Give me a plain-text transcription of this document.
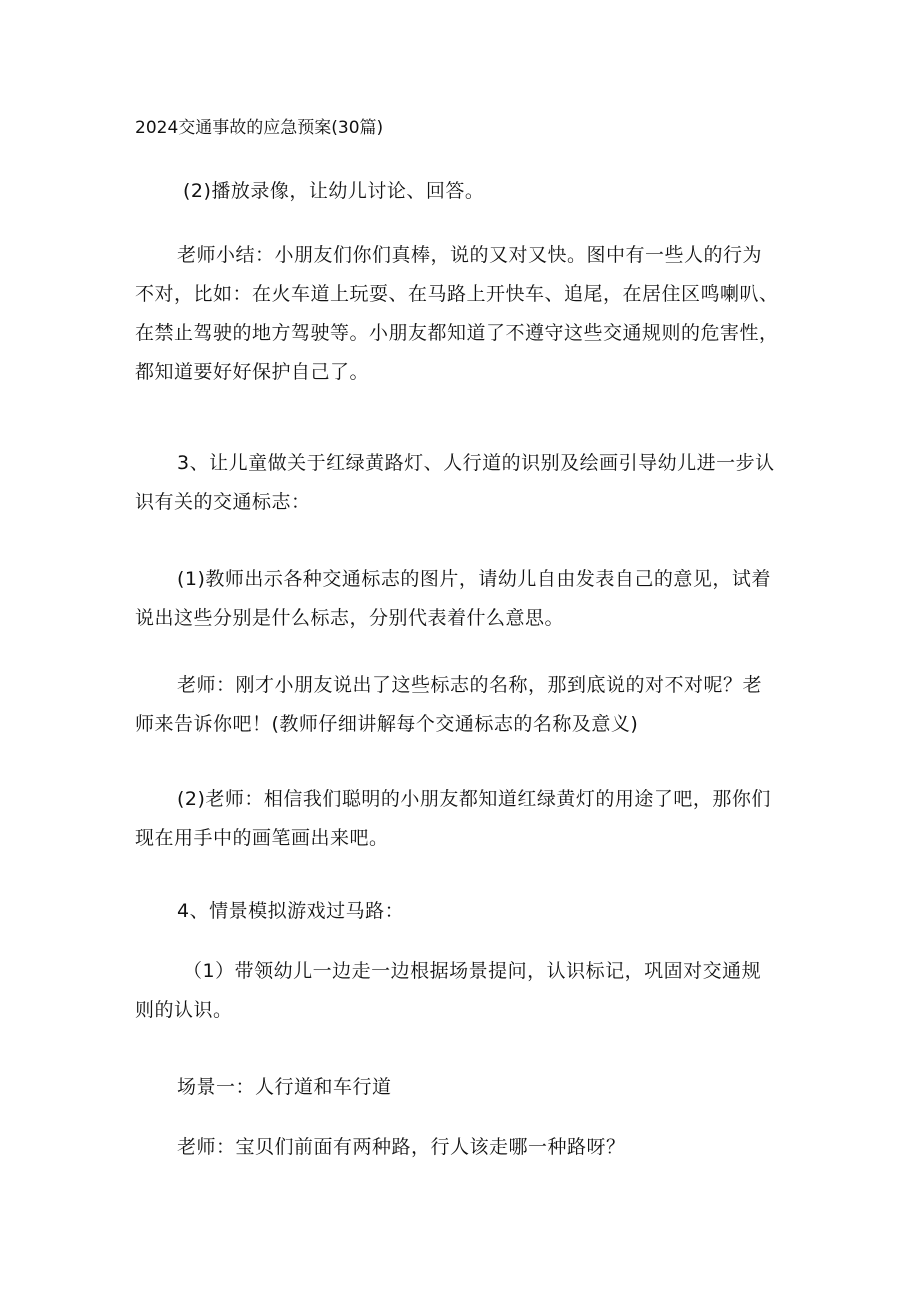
2024交通事故的应急预案(30篇)

(2)播放录像，让幼儿讨论、回答。

老师小结：小朋友们你们真棒，说的又对又快。图中有一些人的行为不对，比如：在火车道上玩耍、在马路上开快车、追尾，在居住区鸣喇叭、在禁止驾驶的地方驾驶等。小朋友都知道了不遵守这些交通规则的危害性，都知道要好好保护自己了。

3、让儿童做关于红绿黄路灯、人行道的识别及绘画引导幼儿进一步认识有关的交通标志：

(1)教师出示各种交通标志的图片，请幼儿自由发表自己的意见，试着说出这些分别是什么标志，分别代表着什么意思。

老师：刚才小朋友说出了这些标志的名称，那到底说的对不对呢？老师来告诉你吧！(教师仔细讲解每个交通标志的名称及意义)

(2)老师：相信我们聪明的小朋友都知道红绿黄灯的用途了吧，那你们现在用手中的画笔画出来吧。

4、情景模拟游戏过马路：

（1）带领幼儿一边走一边根据场景提问，认识标记，巩固对交通规则的认识。

场景一：人行道和车行道

老师：宝贝们前面有两种路，行人该走哪一种路呀？
